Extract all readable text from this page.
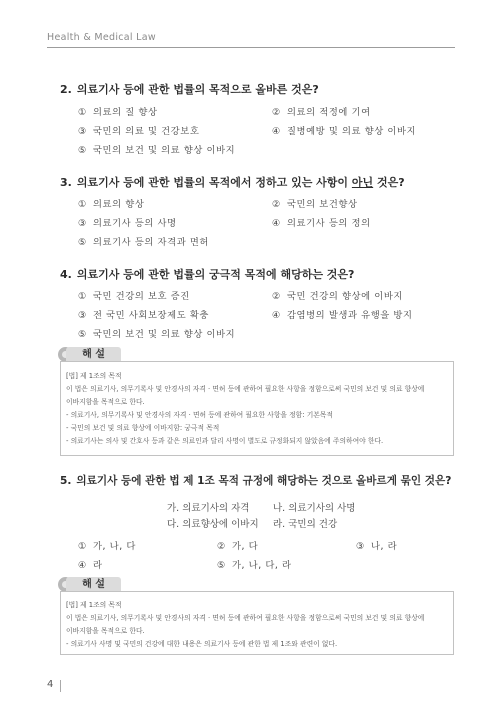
Health & Medical Law
2. 의료기사 등에 관한 법률의 목적으로 올바른 것은?
① 의료의 질 향상	② 의료의 적정에 기여
③ 국민의 의료 및 건강보호	④ 질병예방 및 의료 향상 이바지
⑤ 국민의 보건 및 의료 향상 이바지
3. 의료기사 등에 관한 법률의 목적에서 정하고 있는 사항이 아닌 것은?
① 의료의 향상	② 국민의 보건향상
③ 의료기사 등의 사명	④ 의료기사 등의 정의
⑤ 의료기사 등의 자격과 면허
4. 의료기사 등에 관한 법률의 궁극적 목적에 해당하는 것은?
① 국민 건강의 보호 증진	② 국민 건강의 향상에 이바지
③ 전 국민 사회보장제도 확충	④ 감염병의 발생과 유행을 방지
⑤ 국민의 보건 및 의료 향상 이바지
해 설
[법] 제 1조의 목적
이 법은 의료기사, 의무기록사 및 안경사의 자격 · 면허 등에 관하여 필요한 사항을 정함으로써 국민의 보건 및 의료 향상에
이바지함을 목적으로 한다.
- 의료기사, 의무기록사 및 안경사의 자격 · 면허 등에 관하여 필요한 사항을 정함: 기본목적
- 국민의 보건 및 의료 향상에 이바지함: 궁극적 목적
- 의료기사는 의사 및 간호사 등과 같은 의료인과 달리 사명이 별도로 규정화되지 않았음에 주의하여야 한다.
5. 의료기사 등에 관한 법 제 1조 목적 규정에 해당하는 것으로 올바르게 묶인 것은?
가. 의료기사의 자격 나. 의료기사의 사명
다. 의료향상에 이바지 라. 국민의 건강
① 가, 나, 다	② 가, 다	③ 나, 라
④ 라	⑤ 가, 나, 다, 라
해 설
[법] 제 1조의 목적
이 법은 의료기사, 의무기록사 및 안경사의 자격 · 면허 등에 관하여 필요한 사항을 정함으로써 국민의 보건 및 의료 향상에
이바지함을 목적으로 한다.
- 의료기사 사명 및 국민의 건강에 대한 내용은 의료기사 등에 관한 법 제 1조와 관련이 없다.
4
